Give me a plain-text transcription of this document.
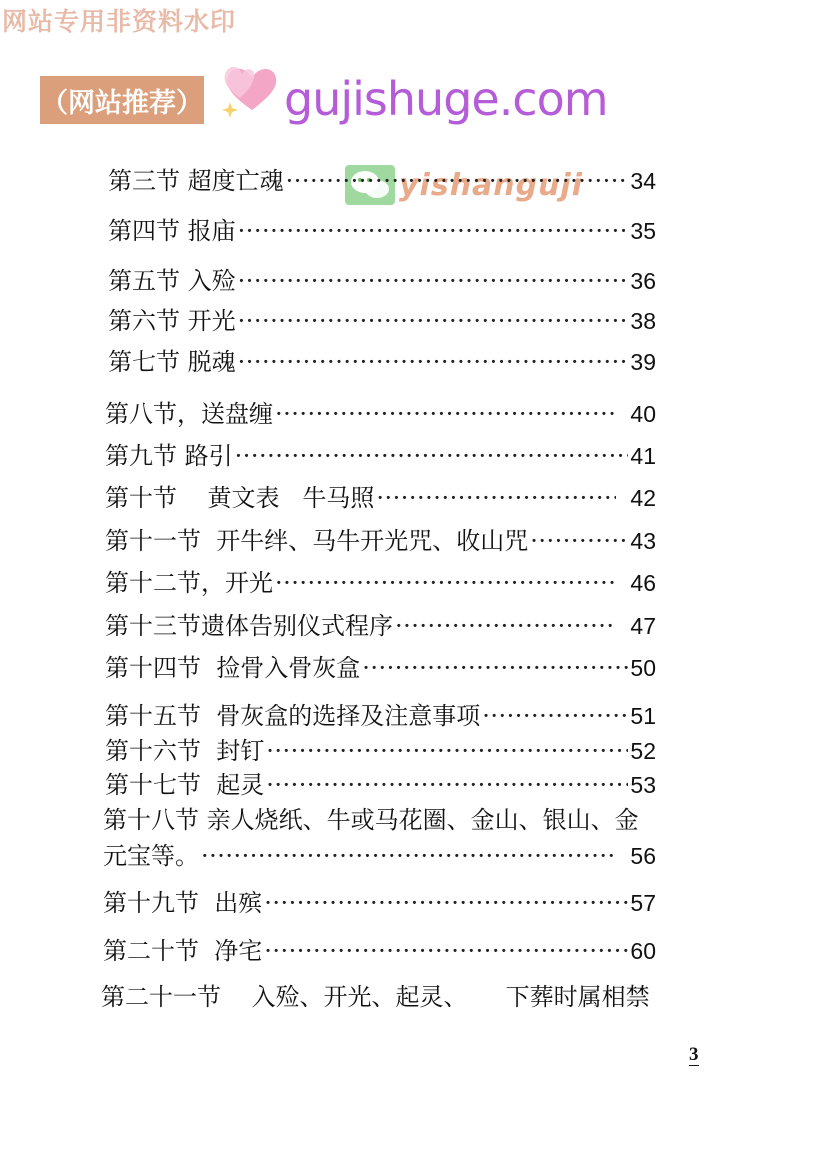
网站专用非资料水印
（网站推荐） gujishuge.com
yishanguji
第三节 超度亡魂 ·····	34
第四节 报庙 ·····	35
第五节 入殓 ·····	36
第六节 开光 ·····	38
第七节 脱魂 ·····	39
第八节，送盘缠 ·····	40
第九节 路引 ·····	41
第十节    黄文表   牛马照 ·····	42
第十一节  开牛绊、马牛开光咒、收山咒 ·····	43
第十二节，开光 ·····	46
第十三节遗体告别仪式程序 ·····	47
第十四节  捡骨入骨灰盒 ·····	50
第十五节  骨灰盒的选择及注意事项 ·····	51
第十六节  封钉 ·····	52
第十七节  起灵 ·····	53
第十八节 亲人烧纸、牛或马花圈、金山、银山、金
元宝等。 ·····	56
第十九节  出殡 ·····	57
第二十节  净宅 ·····	60
第二十一节    入殓、开光、起灵、     下葬时属相禁
3
